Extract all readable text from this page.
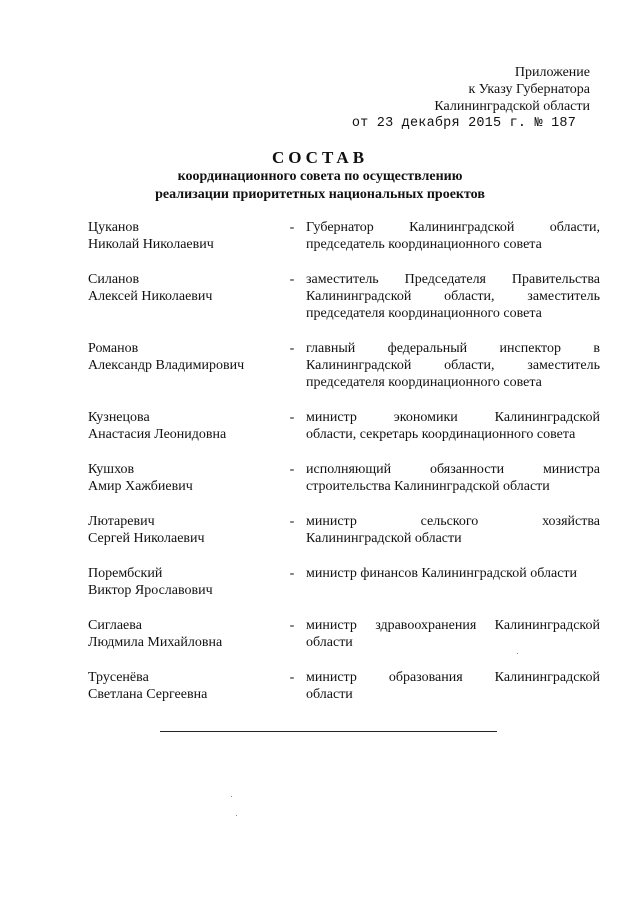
Приложение
к Указу Губернатора
Калининградской области
от 23 декабря 2015 г. № 187
СОСТАВ
координационного совета по осуществлению
реализации приоритетных национальных проектов
Цуканов
Николай Николаевич
- Губернатор Калининградской области,
председатель координационного совета
Силанов
Алексей Николаевич
- заместитель Председателя Правительства
Калининградской области, заместитель
председателя координационного совета
Романов
Александр Владимирович
- главный федеральный инспектор в
Калининградской области, заместитель
председателя координационного совета
Кузнецова
Анастасия Леонидовна
- министр экономики Калининградской
области, секретарь координационного совета
Кушхов
Амир Хажбиевич
- исполняющий обязанности министра
строительства Калининградской области
Лютаревич
Сергей Николаевич
- министр сельского хозяйства
Калининградской области
Порембский
Виктор Ярославович
- министр финансов Калининградской области
Сиглаева
Людмила Михайловна
- министр здравоохранения Калининградской
области
Трусенёва
Светлана Сергеевна
- министр образования Калининградской
области
